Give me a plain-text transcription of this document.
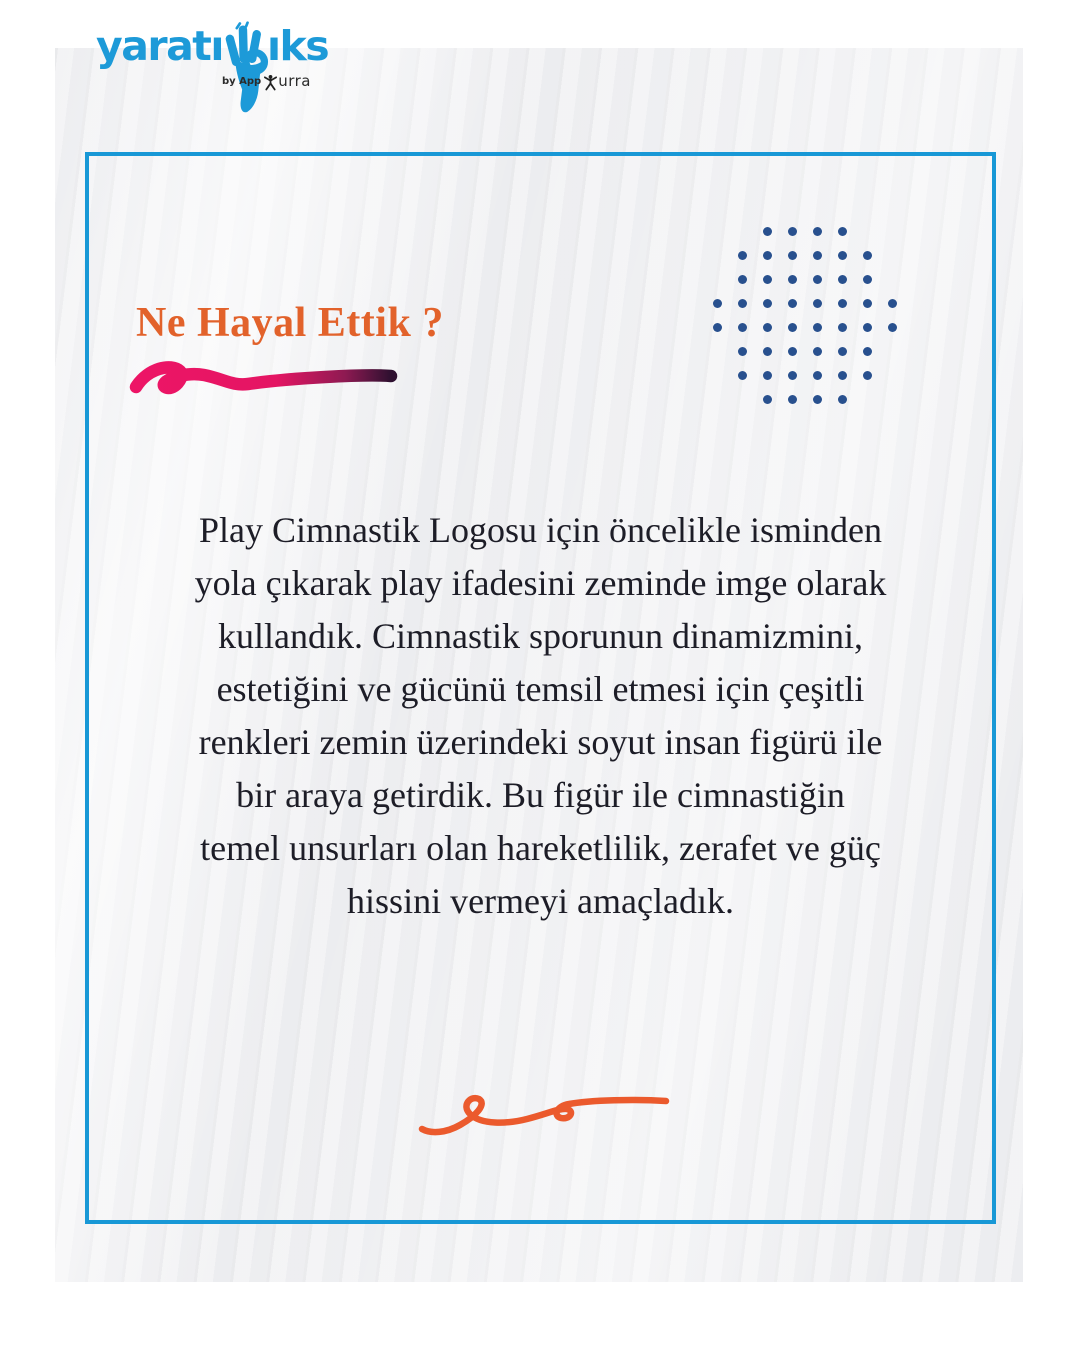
yaratı ıks
by App urra
Ne Hayal Ettik ?
Play Cimnastik Logosu için öncelikle isminden
yola çıkarak play ifadesini zeminde imge olarak
kullandık. Cimnastik sporunun dinamizmini,
estetiğini ve gücünü temsil etmesi için çeşitli
renkleri zemin üzerindeki soyut insan figürü ile
bir araya getirdik. Bu figür ile cimnastiğin
temel unsurları olan hareketlilik, zerafet ve güç
hissini vermeyi amaçladık.
